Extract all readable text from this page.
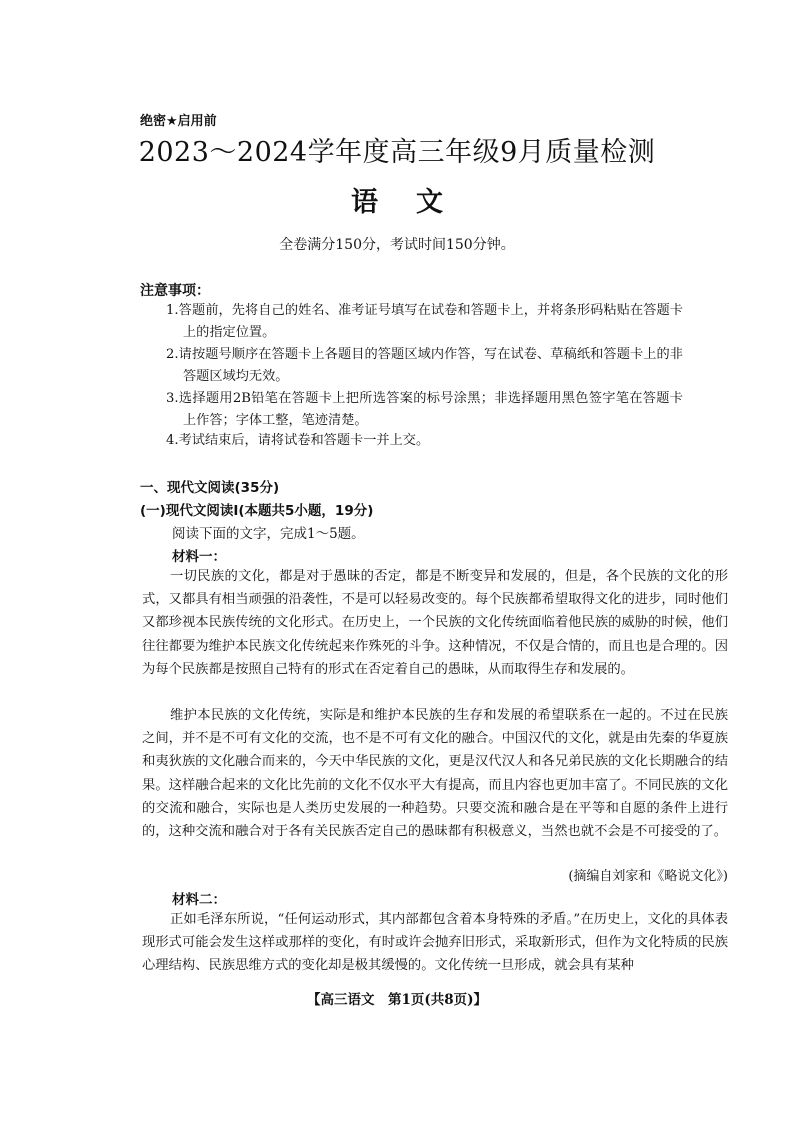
绝密★启用前
2023～2024学年度高三年级9月质量检测
语文
全卷满分150分，考试时间150分钟。
注意事项：
1.答题前，先将自己的姓名、准考证号填写在试卷和答题卡上，并将条形码粘贴在答题卡上的指定位置。
2.请按题号顺序在答题卡上各题目的答题区域内作答，写在试卷、草稿纸和答题卡上的非答题区域均无效。
3.选择题用2B铅笔在答题卡上把所选答案的标号涂黑；非选择题用黑色签字笔在答题卡上作答；字体工整，笔迹清楚。
4.考试结束后，请将试卷和答题卡一并上交。
一、现代文阅读(35分)
(一)现代文阅读Ⅰ(本题共5小题，19分)
阅读下面的文字，完成1～5题。
材料一：

一切民族的文化，都是对于愚昧的否定，都是不断变异和发展的，但是，各个民族的文化的形式，又都具有相当顽强的沿袭性，不是可以轻易改变的。每个民族都希望取得文化的进步，同时他们又都珍视本民族传统的文化形式。在历史上，一个民族的文化传统面临着他民族的威胁的时候，他们往往都要为维护本民族文化传统起来作殊死的斗争。这种情况，不仅是合情的，而且也是合理的。因为每个民族都是按照自己特有的形式在否定着自己的愚昧，从而取得生存和发展的。

维护本民族的文化传统，实际是和维护本民族的生存和发展的希望联系在一起的。不过在民族之间，并不是不可有文化的交流，也不是不可有文化的融合。中国汉代的文化，就是由先秦的华夏族和夷狄族的文化融合而来的，今天中华民族的文化，更是汉代汉人和各兄弟民族的文化长期融合的结果。这样融合起来的文化比先前的文化不仅水平大有提高，而且内容也更加丰富了。不同民族的文化的交流和融合，实际也是人类历史发展的一种趋势。只要交流和融合是在平等和自愿的条件上进行的，这种交流和融合对于各有关民族否定自己的愚昧都有积极意义，当然也就不会是不可接受的了。

(摘编自刘家和《略说文化》)
材料二：

正如毛泽东所说，“任何运动形式，其内部都包含着本身特殊的矛盾。”在历史上，文化的具体表现形式可能会发生这样或那样的变化，有时或许会抛弃旧形式，采取新形式，但作为文化特质的民族心理结构、民族思维方式的变化却是极其缓慢的。文化传统一旦形成，就会具有某种

【高三语文　第1页(共8页)】
